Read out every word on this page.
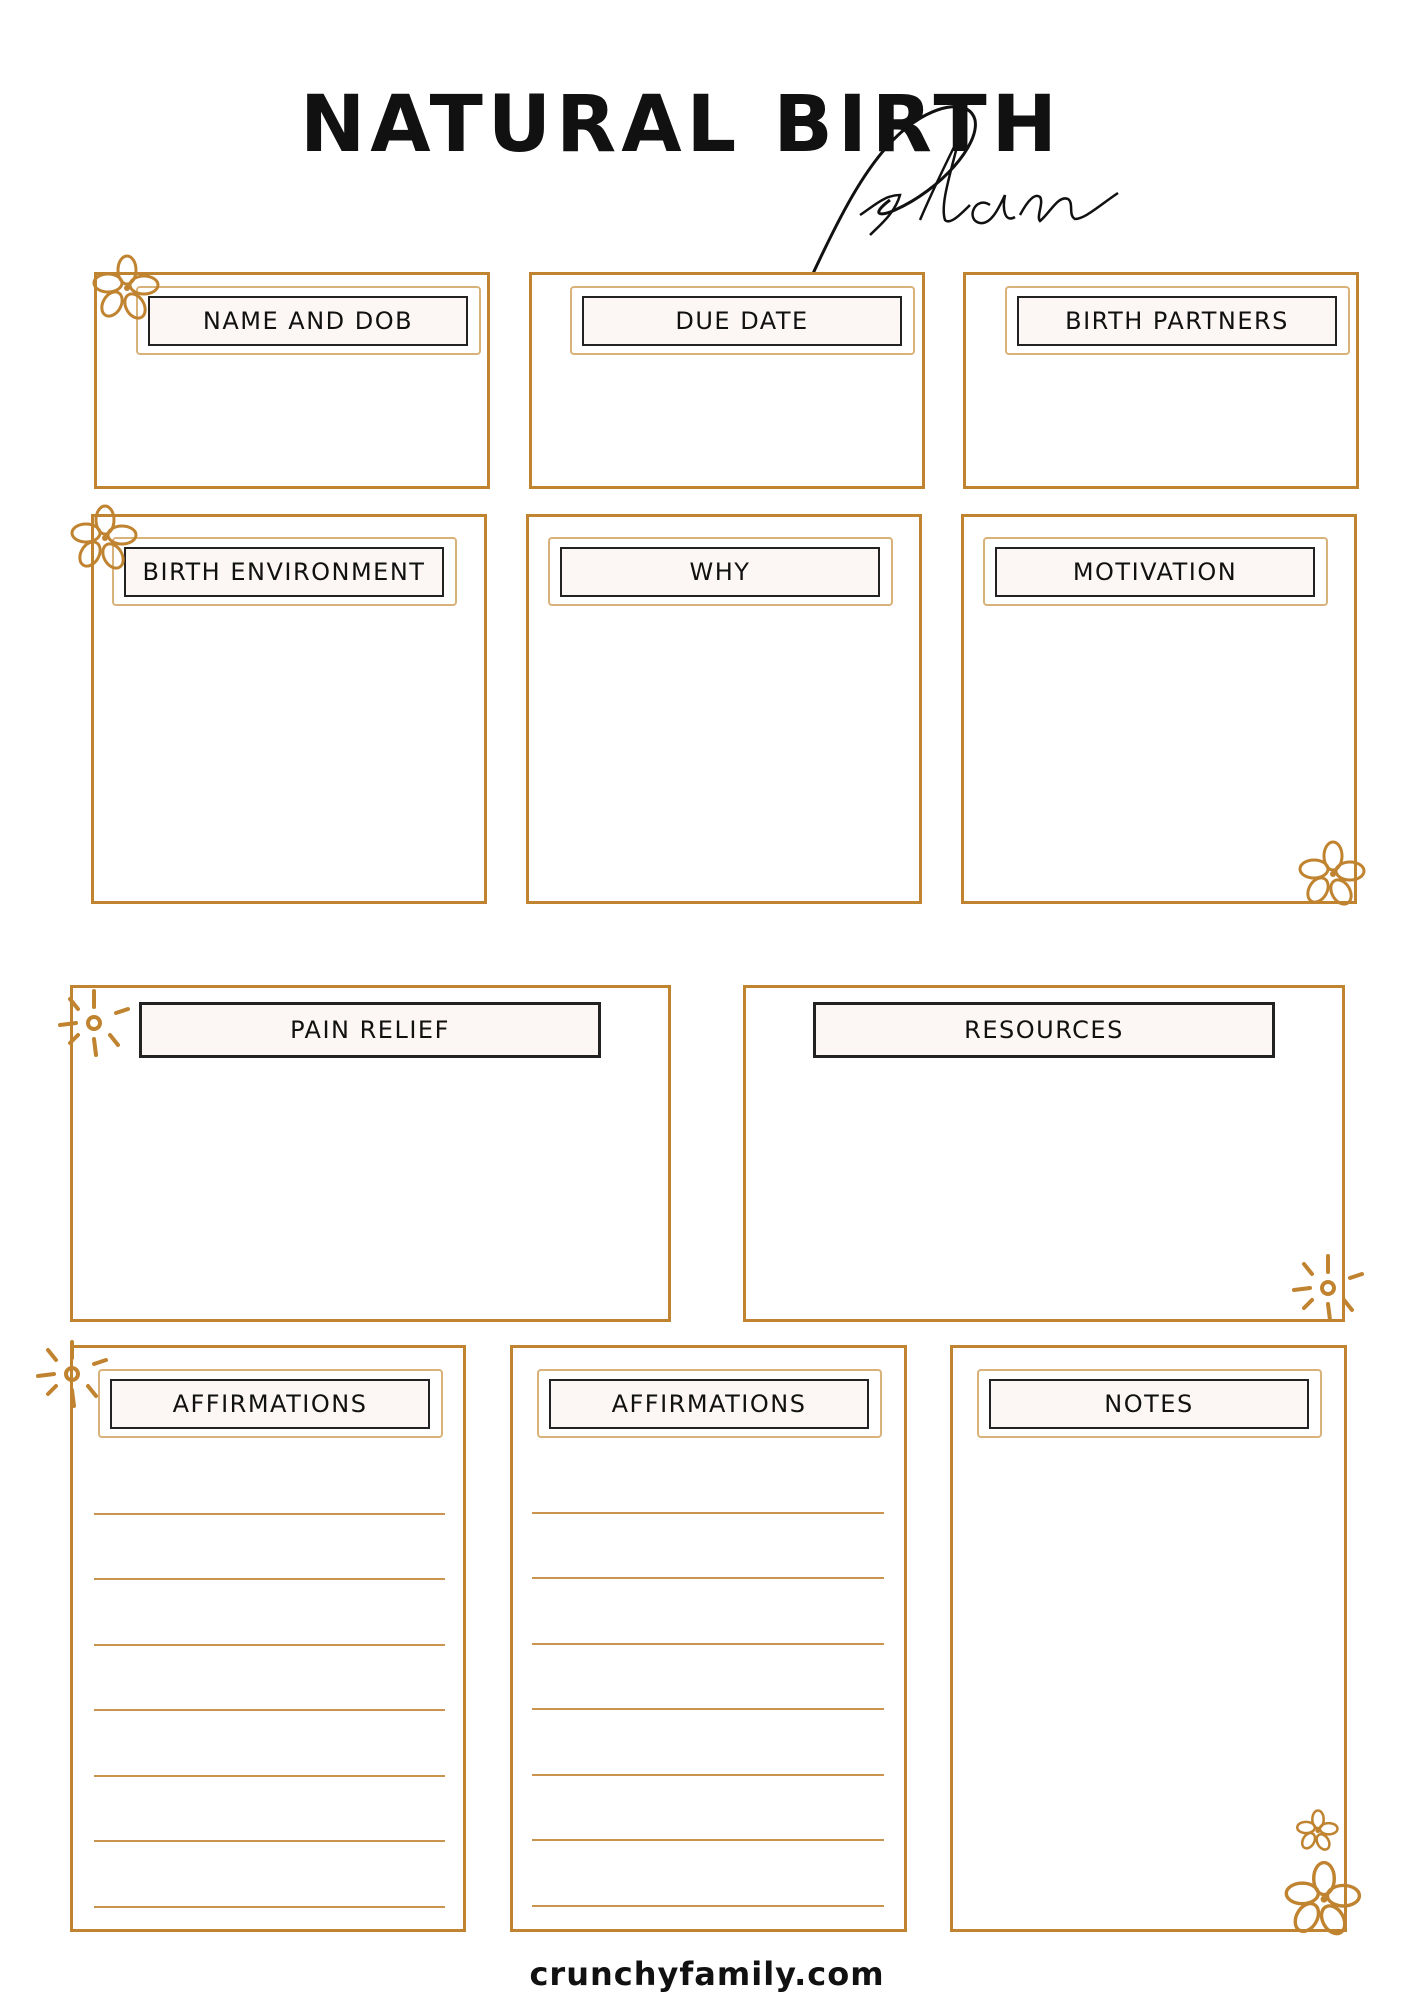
NATURAL BIRTH
NAME AND DOB	DUE DATE	BIRTH PARTNERS
BIRTH ENVIRONMENT	WHY	MOTIVATION
PAIN RELIEF	RESOURCES
AFFIRMATIONS	AFFIRMATIONS	NOTES
crunchyfamily.com
